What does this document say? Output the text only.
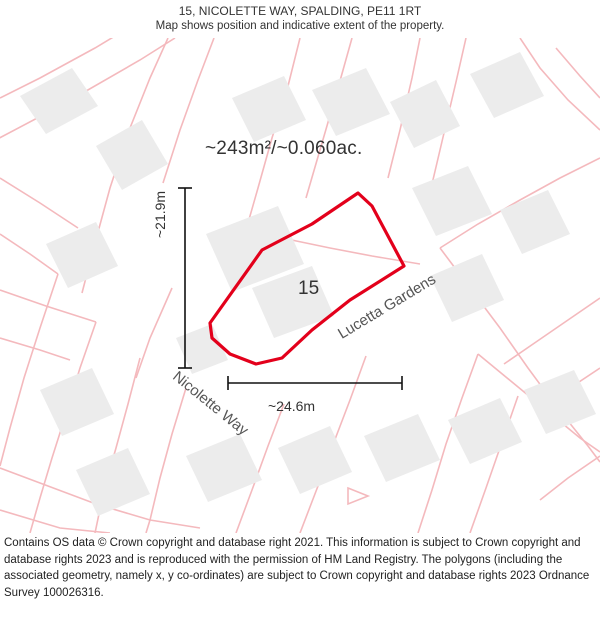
15, NICOLETTE WAY, SPALDING, PE11 1RT
Map shows position and indicative extent of the property.
~243m²/~0.060ac.
15
~21.9m
~24.6m
Nicolette Way
Lucetta Gardens
Contains OS data © Crown copyright and database right 2021. This information is subject to Crown copyright and database rights 2023 and is reproduced with the permission of HM Land Registry. The polygons (including the associated geometry, namely x, y co-ordinates) are subject to Crown copyright and database rights 2023 Ordnance Survey 100026316.
